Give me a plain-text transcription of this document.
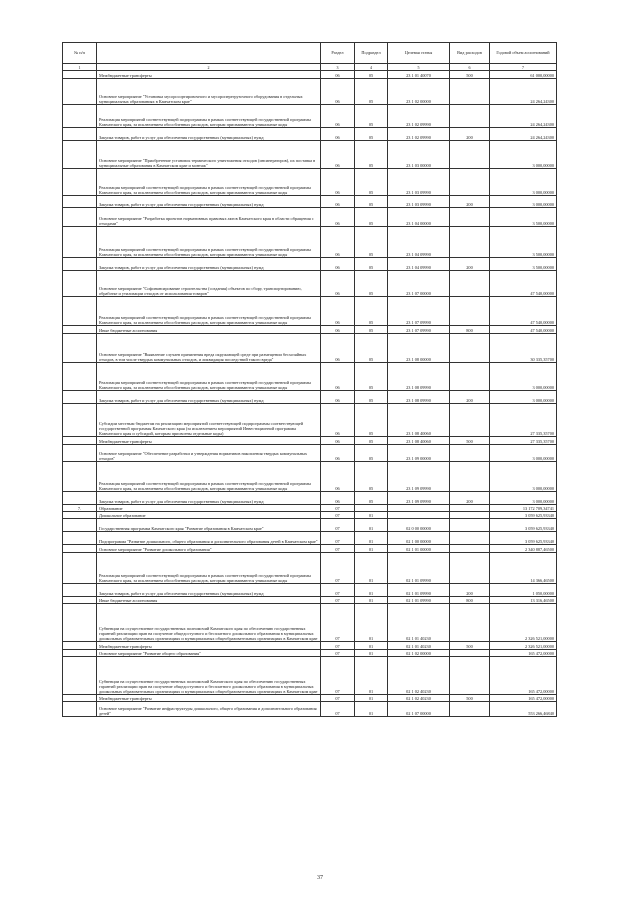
№ п/п		Раздел	Подраздел	Целевая статья	Вид расходов	Годовой объем ассигнований
1	2	3	4	5	6	7
	Межбюджетные трансферты	06	05	23 1 01 40070	500	61 000,00000
	Основное мероприятие "Установка мусоросортировочного и мусороперегрузочного оборудования в отдельных муниципальных образованиях в Камчатском крае"	06	05	23 1 02 00000		24 264,24300
	Реализация мероприятий соответствующей подпрограммы в рамках соответствующей государственной программы Камчатского края, за исключением обособленных расходов, которым присваиваются уникальные коды	06	05	23 1 02 09990		24 264,24300
	Закупка товаров, работ и услуг для обеспечения государственных (муниципальных) нужд	06	05	23 1 02 09990	200	24 264,24300
	Основное мероприятие "Приобретение установок термического уничтожения отходов (инсинераторов), их поставка в муниципальные образования в Камчатском крае и монтаж"	06	05	23 1 03 00000		3 000,00000
	Реализация мероприятий соответствующей подпрограммы в рамках соответствующей государственной программы Камчатского края, за исключением обособленных расходов, которым присваиваются уникальные коды	06	05	23 1 03 09990		3 000,00000
	Закупка товаров, работ и услуг для обеспечения государственных (муниципальных) нужд	06	05	23 1 03 09990	200	3 000,00000
	Основное мероприятие "Разработка проектов нормативных правовых актов Камчатского края в области обращения с отходами"	06	05	23 1 04 00000		3 500,00000
	Реализация мероприятий соответствующей подпрограммы в рамках соответствующей государственной программы Камчатского края, за исключением обособленных расходов, которым присваиваются уникальные коды	06	05	23 1 04 09990		3 500,00000
	Закупка товаров, работ и услуг для обеспечения государственных (муниципальных) нужд	06	05	23 1 04 09990	200	3 500,00000
	Основное мероприятие "Софинансирование строительства (создания) объектов по сбору, транспортированию, обработке и утилизации отходов от использования товаров"	06	05	23 1 07 00000		47 540,00000
	Реализация мероприятий соответствующей подпрограммы в рамках соответствующей государственной программы Камчатского края, за исключением обособленных расходов, которым присваиваются уникальные коды	06	05	23 1 07 09990		47 540,00000
	Иные бюджетные ассигнования	06	05	23 1 07 09990	800	47 540,00000
	Основное мероприятие "Выявление случаев причинения вреда окружающей среде при размещении бесхозяйных отходов, в том числе твердых коммунальных отходов, и ликвидация последствий такого вреда"	06	05	23 1 08 00000		30 335,35700
	Реализация мероприятий соответствующей подпрограммы в рамках соответствующей государственной программы Камчатского края, за исключением обособленных расходов, которым присваиваются уникальные коды	06	05	23 1 08 09990		3 000,00000
	Закупка товаров, работ и услуг для обеспечения государственных (муниципальных) нужд	06	05	23 1 08 09990	200	3 000,00000
	Субсидии местным бюджетам на реализацию мероприятий соответствующей подпрограммы соответствующей государственной программы Камчатского края (за исключением мероприятий Инвестиционной программы Камчатского края и субсидий, которым присвоены отдельные коды)	06	05	23 1 08 40060		27 335,35700
	Межбюджетные трансферты	06	05	23 1 08 40060	500	27 335,35700
	Основное мероприятие "Обеспечение разработки и утверждения нормативов накопления твердых коммунальных отходов"	06	05	23 1 09 00000		3 000,00000
	Реализация мероприятий соответствующей подпрограммы в рамках соответствующей государственной программы Камчатского края, за исключением обособленных расходов, которым присваиваются уникальные коды	06	05	23 1 09 09990		3 000,00000
	Закупка товаров, работ и услуг для обеспечения государственных (муниципальных) нужд	06	05	23 1 09 09990	200	3 000,00000
7.	Образование	07				13 172 709,34741
	Дошкольное образование	07	01			3 059 625,93340
	Государственная программа Камчатского края "Развитие образования в Камчатском крае"	07	01	02 0 00 00000		3 059 625,93340
	Подпрограмма "Развитие дошкольного, общего образования и дополнительного образования детей в Камчатском крае"	07	01	02 1 00 00000		3 059 625,93340
	Основное мероприятие "Развитие дошкольного образования"	07	01	02 1 01 00000		2 340 887,46500
	Реализация мероприятий соответствующей подпрограммы в рамках соответствующей государственной программы Камчатского края, за исключением обособленных расходов, которым присваиваются уникальные коды	07	01	02 1 01 09990		14 366,46500
	Закупка товаров, работ и услуг для обеспечения государственных (муниципальных) нужд	07	01	02 1 01 09990	200	1 050,00000
	Иные бюджетные ассигнования	07	01	02 1 01 09990	800	13 316,46500
	Субвенции на осуществление государственных полномочий Камчатского края по обеспечению государственных гарантий реализации прав на получение общедоступного и бесплатного дошкольного образования в муниципальных дошкольных образовательных организациях и муниципальных общеобразовательных организациях в Камчатском крае	07	01	02 1 01 40230		2 326 521,00000
	Межбюджетные трансферты	07	01	02 1 01 40230	500	2 326 521,00000
	Основное мероприятие "Развитие общего образования"	07	01	02 1 02 00000		165 472,00000
	Субвенции на осуществление государственных полномочий Камчатского края по обеспечению государственных гарантий реализации прав на получение общедоступного и бесплатного дошкольного образования в муниципальных дошкольных образовательных организациях и муниципальных общеобразовательных организациях в Камчатском крае	07	01	02 1 02 40230		165 472,00000
	Межбюджетные трансферты	07	01	02 1 02 40230	500	165 472,00000
	Основное мероприятие "Развитие инфраструктуры дошкольного, общего образования и дополнительного образования детей"	07	01	02 1 07 00000		553 266,46840
37
